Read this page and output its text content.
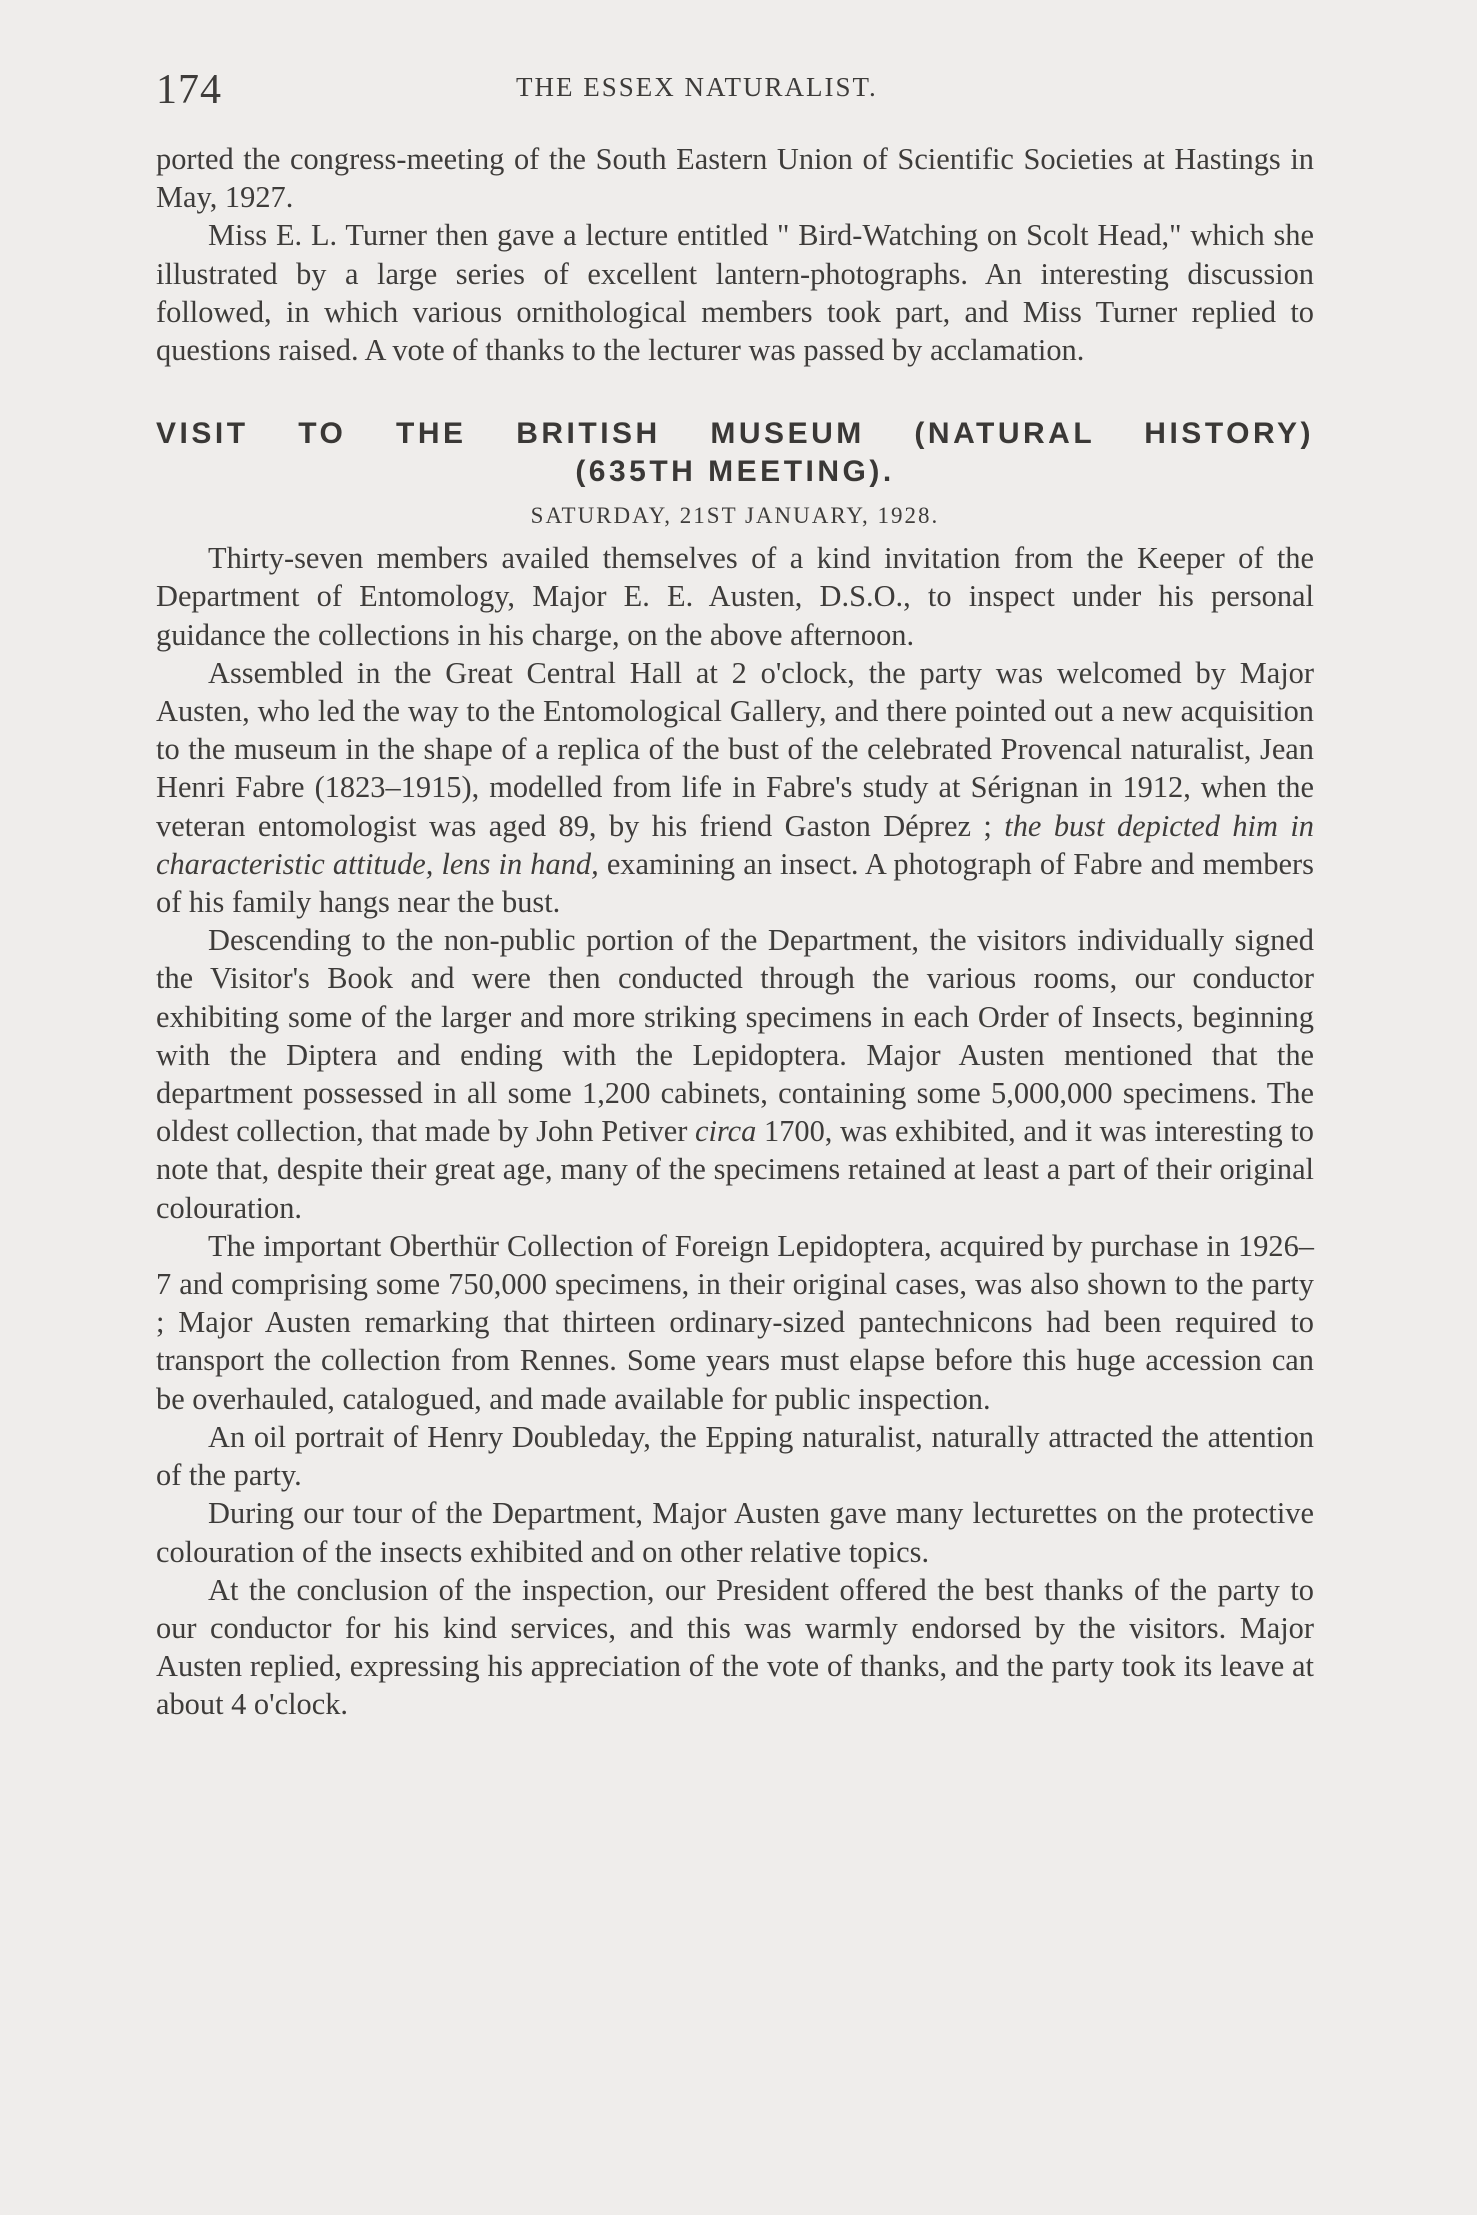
174	THE ESSEX NATURALIST.

ported the congress-meeting of the South Eastern Union of Scientific Societies at Hastings in May, 1927.

Miss E. L. Turner then gave a lecture entitled " Bird-Watching on Scolt Head," which she illustrated by a large series of excellent lantern-photographs. An interesting discussion followed, in which various ornithological members took part, and Miss Turner replied to questions raised. A vote of thanks to the lecturer was passed by acclamation.

VISIT TO THE BRITISH MUSEUM (NATURAL HISTORY)
(635TH MEETING).
SATURDAY, 21ST JANUARY, 1928.

Thirty-seven members availed themselves of a kind invitation from the Keeper of the Department of Entomology, Major E. E. Austen, D.S.O., to inspect under his personal guidance the collections in his charge, on the above afternoon.

Assembled in the Great Central Hall at 2 o'clock, the party was welcomed by Major Austen, who led the way to the Entomological Gallery, and there pointed out a new acquisition to the museum in the shape of a replica of the bust of the celebrated Provencal naturalist, Jean Henri Fabre (1823–1915), modelled from life in Fabre's study at Sérignan in 1912, when the veteran entomologist was aged 89, by his friend Gaston Déprez ; the bust depicted him in characteristic attitude, lens in hand, examining an insect. A photograph of Fabre and members of his family hangs near the bust.

Descending to the non-public portion of the Department, the visitors individually signed the Visitor's Book and were then conducted through the various rooms, our conductor exhibiting some of the larger and more striking specimens in each Order of Insects, beginning with the Diptera and ending with the Lepidoptera. Major Austen mentioned that the department possessed in all some 1,200 cabinets, containing some 5,000,000 specimens. The oldest collection, that made by John Petiver circa 1700, was exhibited, and it was interesting to note that, despite their great age, many of the specimens retained at least a part of their original colouration.

The important Oberthür Collection of Foreign Lepidoptera, acquired by purchase in 1926–7 and comprising some 750,000 specimens, in their original cases, was also shown to the party ; Major Austen remarking that thirteen ordinary-sized pantechnicons had been required to transport the collection from Rennes. Some years must elapse before this huge accession can be overhauled, catalogued, and made available for public inspection.

An oil portrait of Henry Doubleday, the Epping naturalist, naturally attracted the attention of the party.

During our tour of the Department, Major Austen gave many lecturettes on the protective colouration of the insects exhibited and on other relative topics.

At the conclusion of the inspection, our President offered the best thanks of the party to our conductor for his kind services, and this was warmly endorsed by the visitors. Major Austen replied, expressing his appreciation of the vote of thanks, and the party took its leave at about 4 o'clock.
